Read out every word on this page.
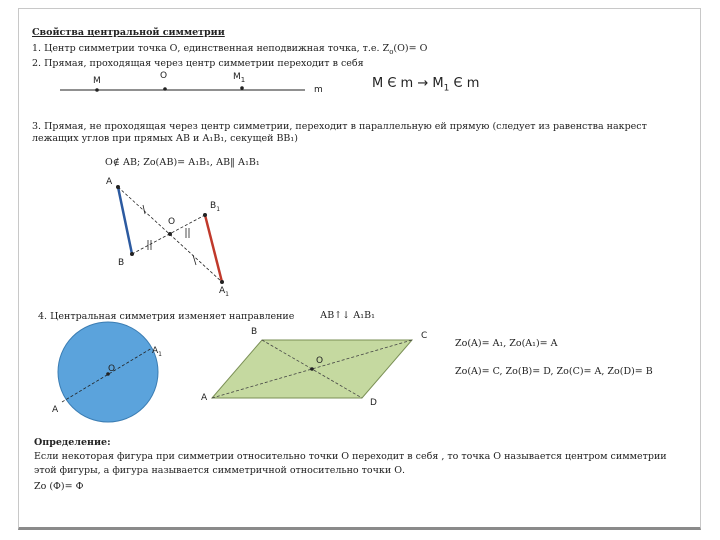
Свойства центральной симметрии
1. Центр симметрии точка О, единственная неподвижная точка, т.е. $Z_o(O)= O$
2. Прямая, проходящая через центр симметрии переходит в себя
M	O	$M_1$
m	M Є $m \to M_1$ Є m
3. Прямая, не проходящая через центр симметрии, переходит в параллельную ей прямую (следует из равенства накрест
лежащих углов при прямых АВ и А₁В₁, секущей ВВ₁)
О∉ АВ; Zo(АВ)= А₁В₁, АВ‖ А₁В₁
A
$B_1$
O
B
$A_1$
4. Центральная симметрия изменяет направление	АВ↑↓ А₁В₁
$A_1$
O
A
B	C
O
A	D
Zo(A)= A₁, Zo(A₁)= A
Zo(A)= C, Zo(B)= D, Zo(C)= A, Zo(D)= B
Определение:
Если некоторая фигура при симметрии относительно точки О переходит в себя , то точка О называется центром симметрии
этой фигуры, а фигура называется симметричной относительно точки О.
Zo (Ф)= Ф
